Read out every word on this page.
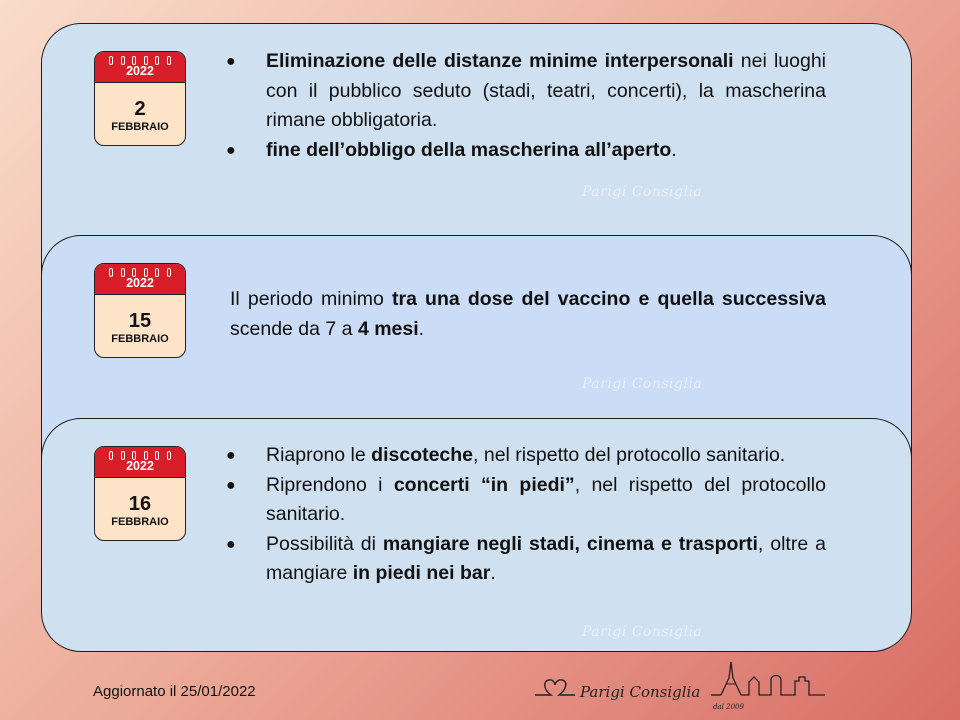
2022
2
FEBBRAIO
● Eliminazione delle distanze minime interpersonali nei luoghi con il pubblico seduto (stadi, teatri, concerti), la mascherina rimane obbligatoria.
● fine dell’obbligo della mascherina all’aperto.
Parigi Consiglia
2022
15
FEBBRAIO

Il periodo minimo tra una dose del vaccino e quella successiva scende da 7 a 4 mesi.

Parigi Consiglia
2022
16
FEBBRAIO
● Riaprono le discoteche, nel rispetto del protocollo sanitario.
● Riprendono i concerti “in piedi”, nel rispetto del protocollo sanitario.
● Possibilità di mangiare negli stadi, cinema e trasporti, oltre a mangiare in piedi nei bar.
Parigi Consiglia
Aggiornato il 25/01/2022	Parigi Consiglia
dal 2009
